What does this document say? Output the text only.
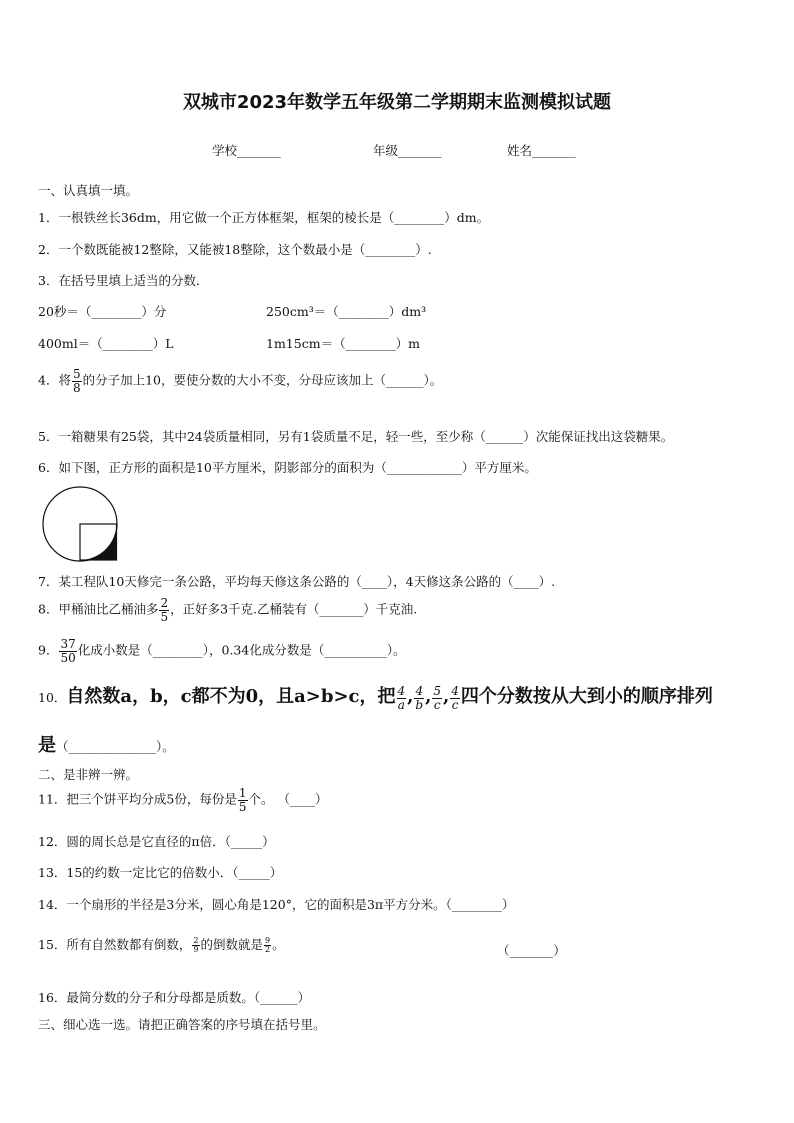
双城市2023年数学五年级第二学期期末监测模拟试题
学校_______	年级_______	姓名_______
一、认真填一填。
1．一根铁丝长36dm，用它做一个正方体框架，框架的棱长是（________）dm。
2．一个数既能被12整除，又能被18整除，这个数最小是（________）.
3．在括号里填上适当的分数．
20秒＝（________）分	250cm³＝（________）dm³
400ml＝（________）L	1m15cm＝（________）m
4．将 $\frac{5}{8}$ 的分子加上10，要使分数的大小不变，分母应该加上（______）。
5．一箱糖果有25袋，其中24袋质量相同，另有1袋质量不足，轻一些，至少称（______）次能保证找出这袋糖果。
6．如下图，正方形的面积是10平方厘米，阴影部分的面积为（____________）平方厘米。
7．某工程队10天修完一条公路，平均每天修这条公路的（____），4天修这条公路的（____）.
8．甲桶油比乙桶油多 $\frac{2}{5}$ ，正好多3千克.乙桶装有（_______）千克油.
9． $\frac{37}{50}$ 化成小数是（________），0.34化成分数是（__________）。
10．自然数a，b，c都不为0，且a>b>c，把 $\frac{4}{a}$ , $\frac{4}{b}$ , $\frac{5}{c}$ , $\frac{4}{c}$ 四个分数按从大到小的顺序排列
是（______________）。
二、是非辨一辨。
11．把三个饼平均分成5份，每份是 $\frac{1}{5}$ 个。 （____）
12．圆的周长总是它直径的π倍．（_____）
13．15的约数一定比它的倍数小．（_____）
14．一个扇形的半径是3分米，圆心角是120°，它的面积是3π平方分米。（________）
15．所有自然数都有倒数， $\frac{2}{9}$ 的倒数就是 $\frac{9}{2}$ 。	（_______）
16．最简分数的分子和分母都是质数。（______）
三、细心选一选。请把正确答案的序号填在括号里。
